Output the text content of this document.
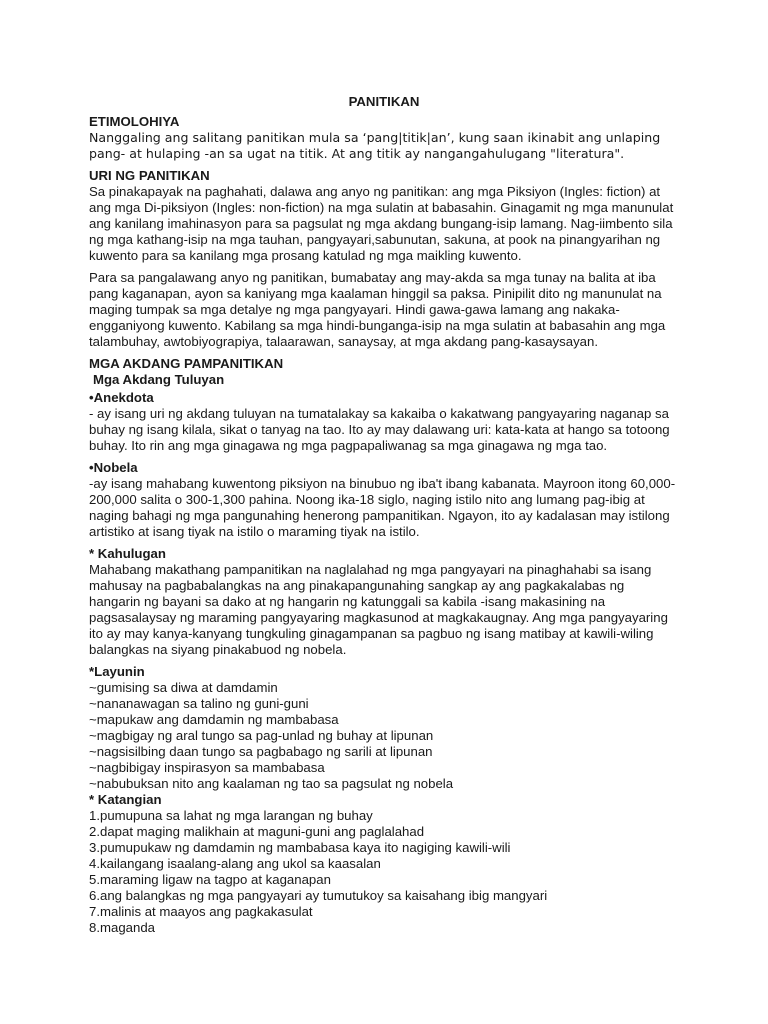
PANITIKAN
ETIMOLOHIYA

Nanggaling ang salitang panitikan mula sa ‘pang|titik|an’, kung saan ikinabit ang unlaping pang- at hulaping -an sa ugat na titik. At ang titik ay nangangahulugang "literatura".

URI NG PANITIKAN

Sa pinakapayak na paghahati, dalawa ang anyo ng panitikan: ang mga Piksiyon (Ingles: fiction) at ang mga Di-piksiyon (Ingles: non-fiction) na mga sulatin at babasahin. Ginagamit ng mga manunulat ang kanilang imahinasyon para sa pagsulat ng mga akdang bungang-isip lamang. Nag-iimbento sila ng mga kathang-isip na mga tauhan, pangyayari,sabunutan, sakuna, at pook na pinangyarihan ng kuwento para sa kanilang mga prosang katulad ng mga maikling kuwento.

Para sa pangalawang anyo ng panitikan, bumabatay ang may-akda sa mga tunay na balita at iba pang kaganapan, ayon sa kaniyang mga kaalaman hinggil sa paksa. Pinipilit dito ng manunulat na maging tumpak sa mga detalye ng mga pangyayari. Hindi gawa-gawa lamang ang nakaka-engganiyong kuwento. Kabilang sa mga hindi-bunganga-isip na mga sulatin at babasahin ang mga talambuhay, awtobiyograpiya, talaarawan, sanaysay, at mga akdang pang-kasaysayan.

MGA AKDANG PAMPANITIKAN
Mga Akdang Tuluyan
•Anekdota

- ay isang uri ng akdang tuluyan na tumatalakay sa kakaiba o kakatwang pangyayaring naganap sa buhay ng isang kilala, sikat o tanyag na tao. Ito ay may dalawang uri: kata-kata at hango sa totoong buhay. Ito rin ang mga ginagawa ng mga pagpapaliwanag sa mga ginagawa ng mga tao.

•Nobela

-ay isang mahabang kuwentong piksiyon na binubuo ng iba't ibang kabanata. Mayroon itong 60,000-200,000 salita o 300-1,300 pahina. Noong ika-18 siglo, naging istilo nito ang lumang pag-ibig at naging bahagi ng mga pangunahing henerong pampanitikan. Ngayon, ito ay kadalasan may istilong artistiko at isang tiyak na istilo o maraming tiyak na istilo.

* Kahulugan

Mahabang makathang pampanitikan na naglalahad ng mga pangyayari na pinaghahabi sa isang mahusay na pagbabalangkas na ang pinakapangunahing sangkap ay ang pagkakalabas ng hangarin ng bayani sa dako at ng hangarin ng katunggali sa kabila -isang makasining na pagsasalaysay ng maraming pangyayaring magkasunod at magkakaugnay. Ang mga pangyayaring ito ay may kanya-kanyang tungkuling ginagampanan sa pagbuo ng isang matibay at kawili-wiling balangkas na siyang pinakabuod ng nobela.

*Layunin
~gumising sa diwa at damdamin
~nananawagan sa talino ng guni-guni
~mapukaw ang damdamin ng mambabasa
~magbigay ng aral tungo sa pag-unlad ng buhay at lipunan
~nagsisilbing daan tungo sa pagbabago ng sarili at lipunan
~nagbibigay inspirasyon sa mambabasa
~nabubuksan nito ang kaalaman ng tao sa pagsulat ng nobela
* Katangian
1.pumupuna sa lahat ng mga larangan ng buhay
2.dapat maging malikhain at maguni-guni ang paglalahad
3.pumupukaw ng damdamin ng mambabasa kaya ito nagiging kawili-wili
4.kailangang isaalang-alang ang ukol sa kaasalan
5.maraming ligaw na tagpo at kaganapan
6.ang balangkas ng mga pangyayari ay tumutukoy sa kaisahang ibig mangyari
7.malinis at maayos ang pagkakasulat
8.maganda
